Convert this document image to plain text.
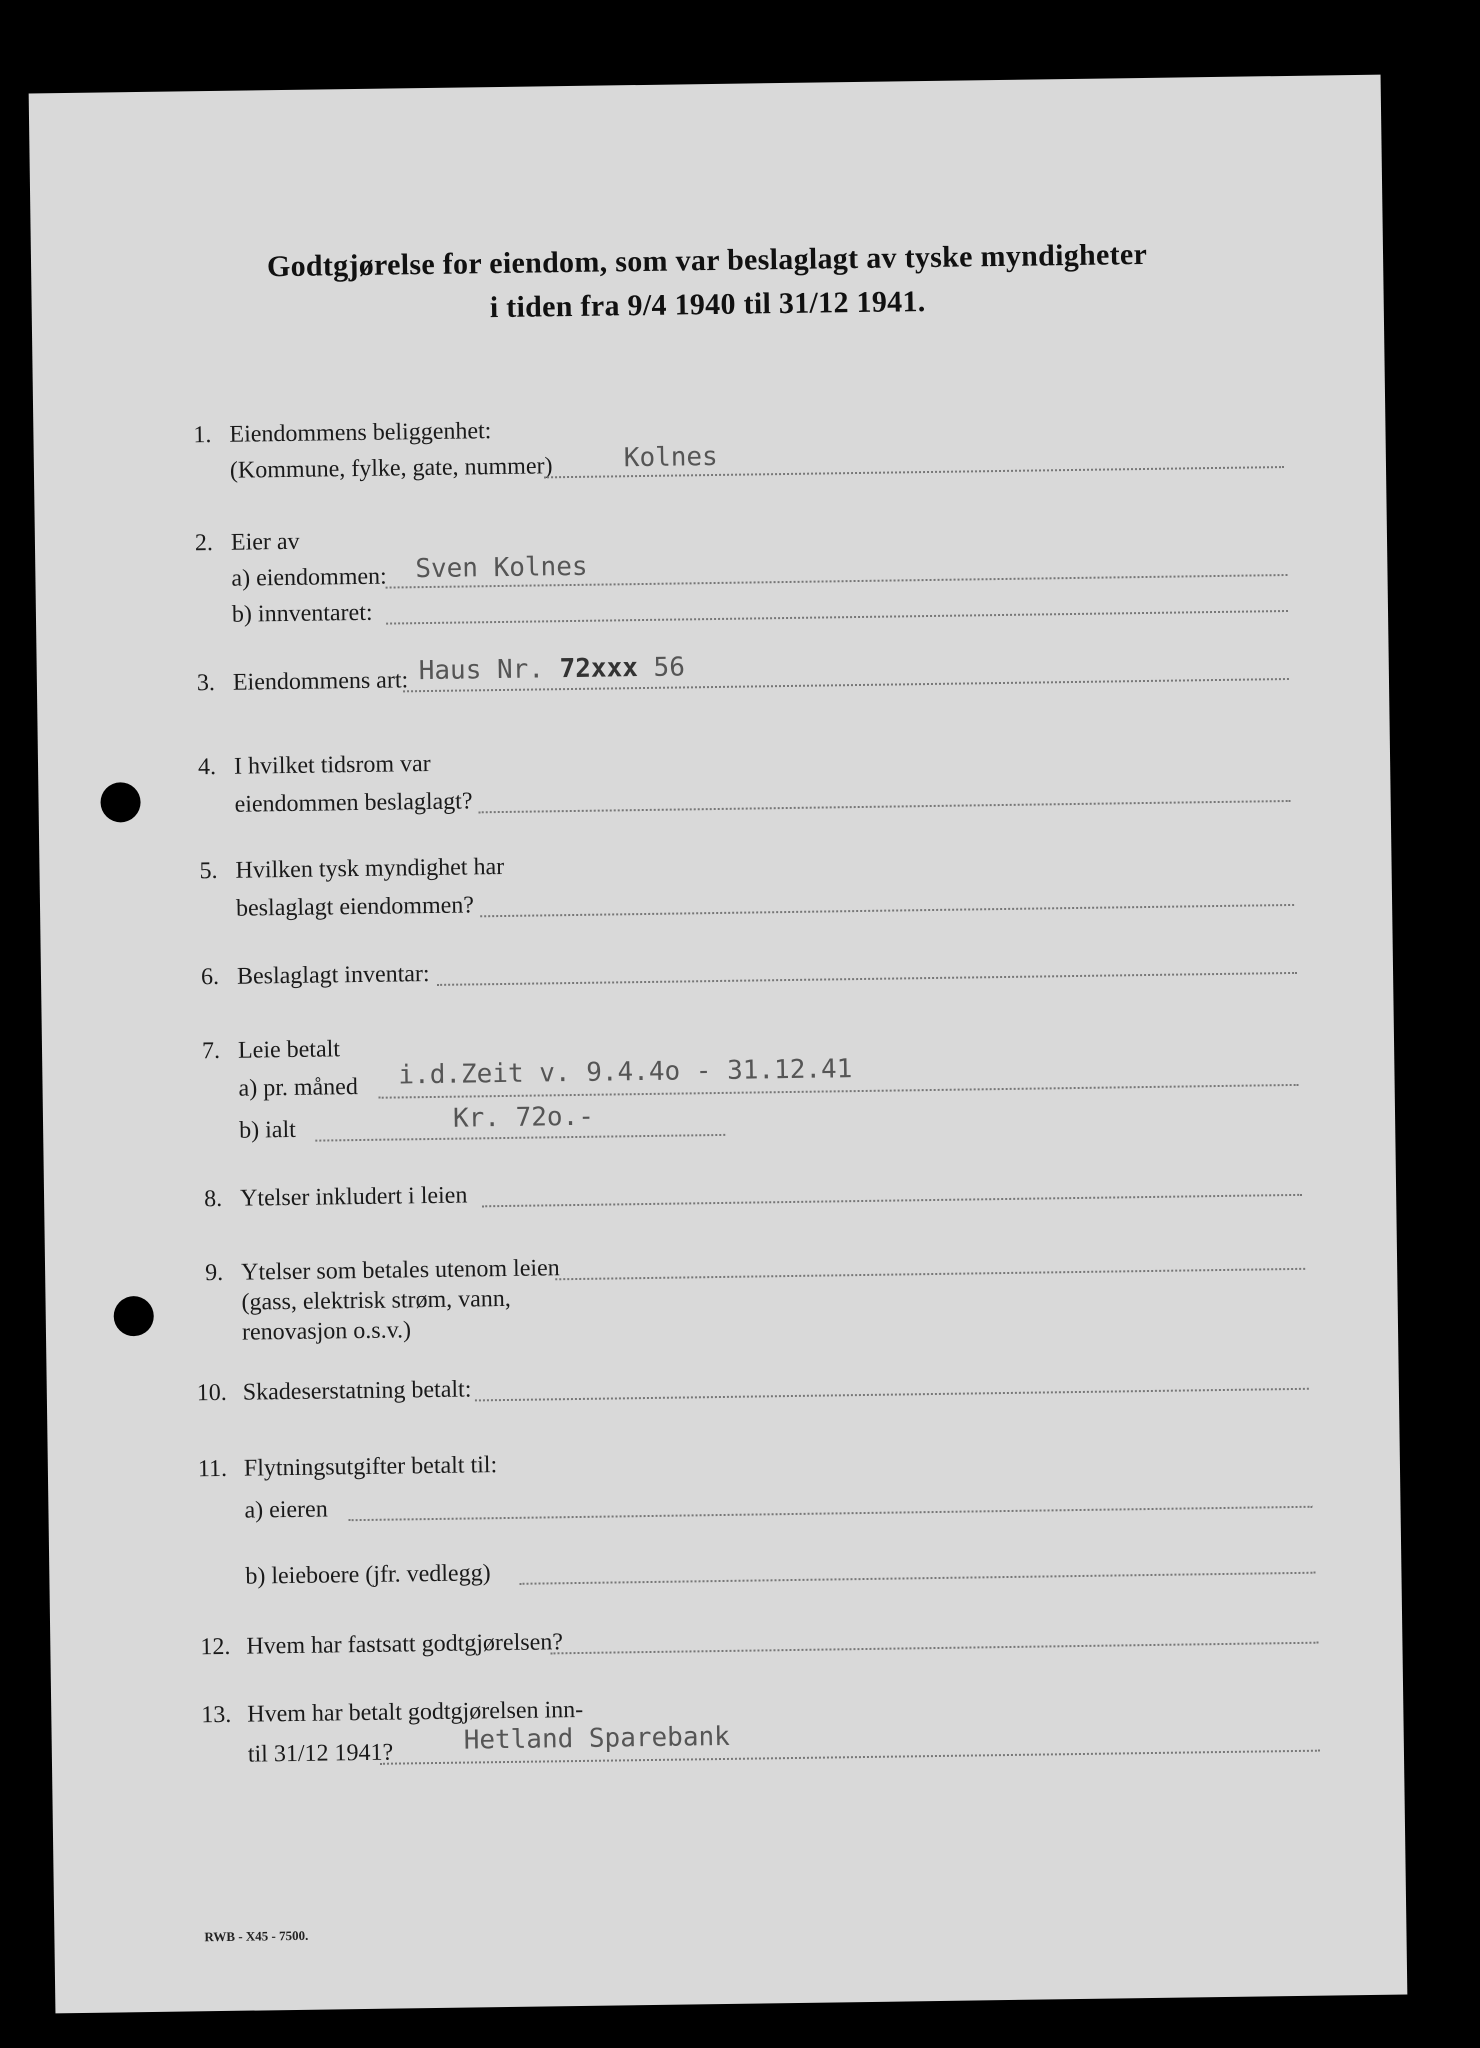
Godtgjørelse for eiendom, som var beslaglagt av tyske myndigheter
i tiden fra 9/4 1940 til 31/12 1941.
1. Eiendommens beliggenhet:
(Kommune, fylke, gate, nummer)	Kolnes
2. Eier av
a) eiendommen: Sven Kolnes
b) innventaret:
3. Eiendommens art: Haus Nr. 72xxx 56
4. I hvilket tidsrom var
eiendommen beslaglagt?
5. Hvilken tysk myndighet har
beslaglagt eiendommen?
6. Beslaglagt inventar:
7. Leie betalt
a) pr. måned i.d.Zeit v. 9.4.4o - 31.12.41
b) ialt	Kr. 72o.-
8. Ytelser inkludert i leien
9. Ytelser som betales utenom leien
(gass, elektrisk strøm, vann,
renovasjon o.s.v.)
10. Skadeserstatning betalt:
11. Flytningsutgifter betalt til:
a) eieren
b) leieboere (jfr. vedlegg)
12. Hvem har fastsatt godtgjørelsen?
13. Hvem har betalt godtgjørelsen inn-
til 31/12 1941?	Hetland Sparebank
RWB - X45 - 7500.
